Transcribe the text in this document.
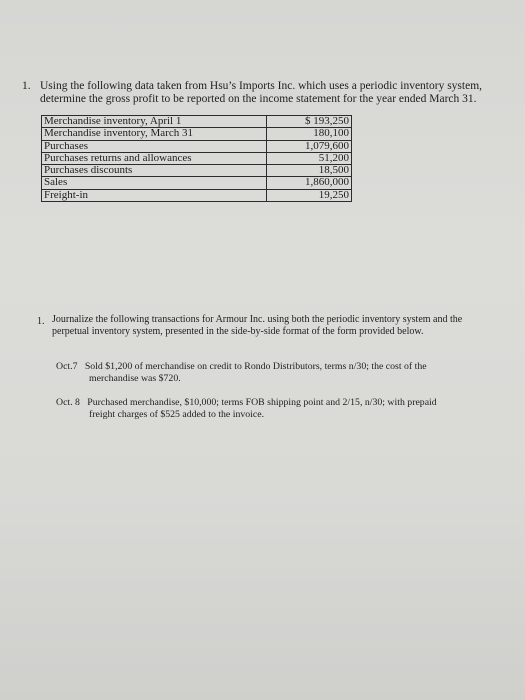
1. Using the following data taken from Hsu’s Imports Inc. which uses a periodic inventory system, determine the gross profit to be reported on the income statement for the year ended March 31.
Merchandise inventory, April 1	$ 193,250
Merchandise inventory, March 31	180,100
Purchases	1,079,600
Purchases returns and allowances	51,200
Purchases discounts	18,500
Sales	1,860,000
Freight-in	19,250
1. Journalize the following transactions for Armour Inc. using both the periodic inventory system and the perpetual inventory system, presented in the side-by-side format of the form provided below.
Oct.7   Sold $1,200 of merchandise on credit to Rondo Distributors, terms n/30; the cost of the
merchandise was $720.
Oct. 8   Purchased merchandise, $10,000; terms FOB shipping point and 2/15, n/30; with prepaid
freight charges of $525 added to the invoice.
